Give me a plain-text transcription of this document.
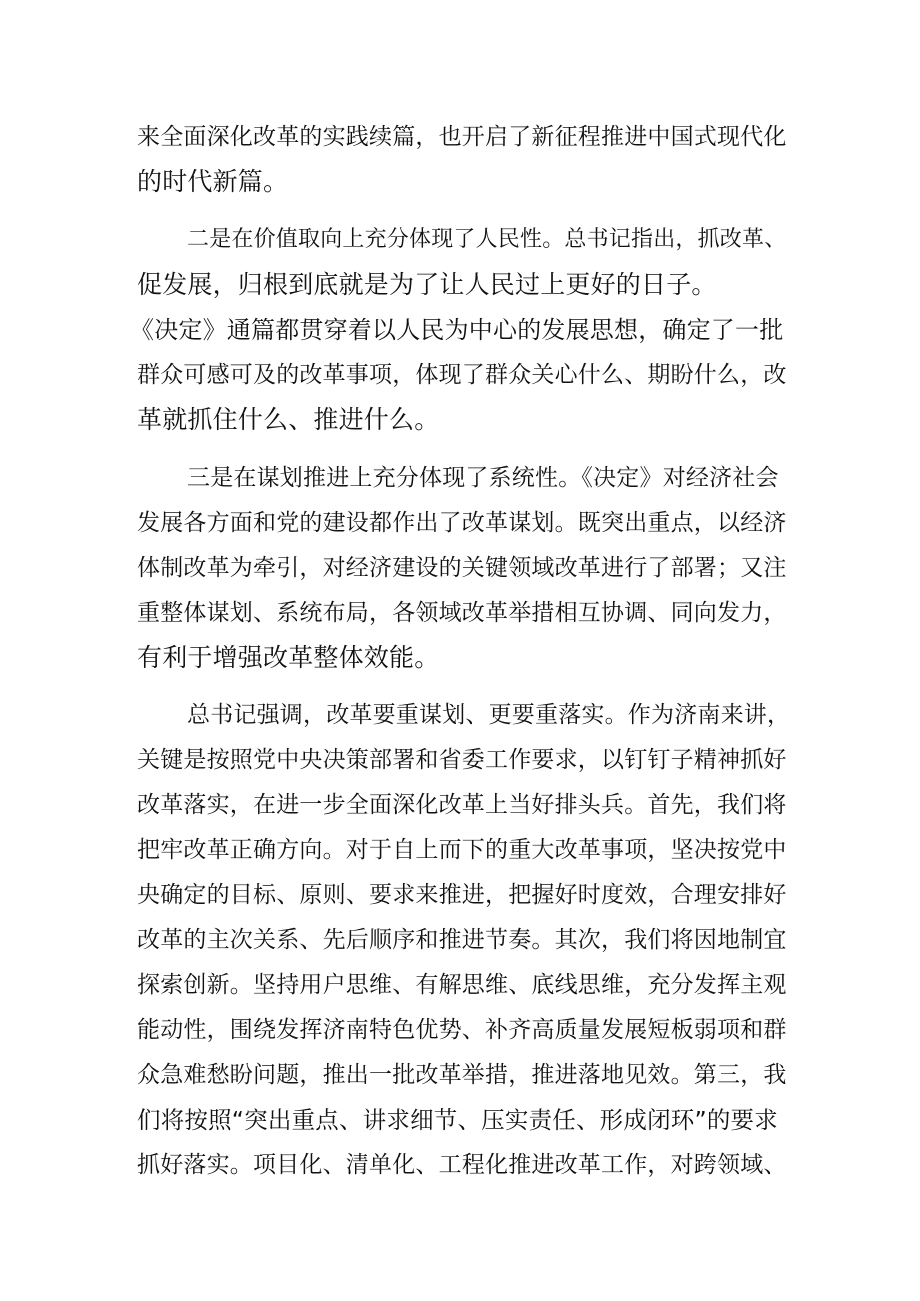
来全面深化改革的实践续篇，也开启了新征程推进中国式现代化
的时代新篇。
二是在价值取向上充分体现了人民性。总书记指出，抓改革、
促发展，归根到底就是为了让人民过上更好的日子。
《决定》通篇都贯穿着以人民为中心的发展思想，确定了一批
群众可感可及的改革事项，体现了群众关心什么、期盼什么，改
革就抓住什么、推进什么。
三是在谋划推进上充分体现了系统性。《决定》对经济社会
发展各方面和党的建设都作出了改革谋划。既突出重点，以经济
体制改革为牵引，对经济建设的关键领域改革进行了部署；又注
重整体谋划、系统布局，各领域改革举措相互协调、同向发力，
有利于增强改革整体效能。
总书记强调，改革要重谋划、更要重落实。作为济南来讲，
关键是按照党中央决策部署和省委工作要求，以钉钉子精神抓好
改革落实，在进一步全面深化改革上当好排头兵。首先，我们将
把牢改革正确方向。对于自上而下的重大改革事项，坚决按党中
央确定的目标、原则、要求来推进，把握好时度效，合理安排好
改革的主次关系、先后顺序和推进节奏。其次，我们将因地制宜
探索创新。坚持用户思维、有解思维、底线思维，充分发挥主观
能动性，围绕发挥济南特色优势、补齐高质量发展短板弱项和群
众急难愁盼问题，推出一批改革举措，推进落地见效。第三，我
们将按照“突出重点、讲求细节、压实责任、形成闭环”的要求
抓好落实。项目化、清单化、工程化推进改革工作，对跨领域、
